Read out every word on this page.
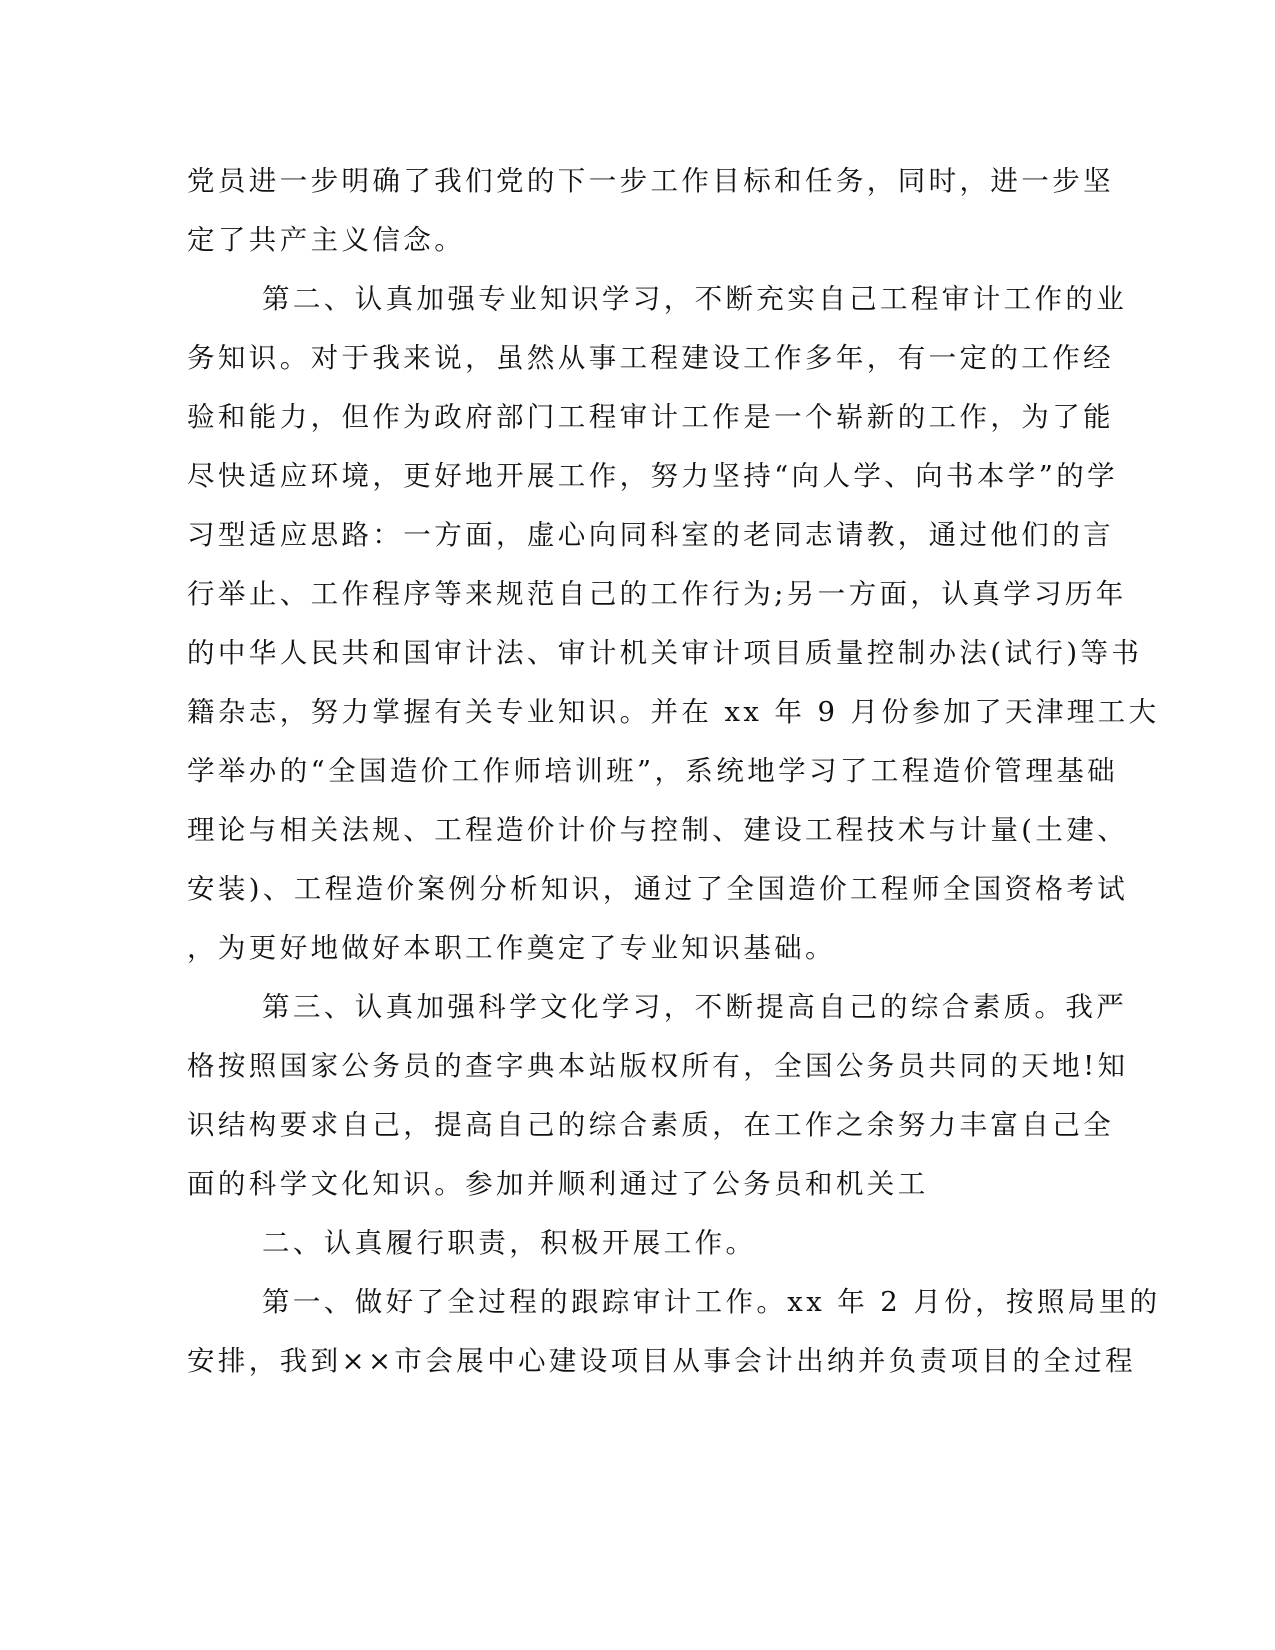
党员进一步明确了我们党的下一步工作目标和任务，同时，进一步坚
定了共产主义信念。
第二、认真加强专业知识学习，不断充实自己工程审计工作的业
务知识。对于我来说，虽然从事工程建设工作多年，有一定的工作经
验和能力，但作为政府部门工程审计工作是一个崭新的工作，为了能
尽快适应环境，更好地开展工作，努力坚持“向人学、向书本学”的学
习型适应思路：一方面，虚心向同科室的老同志请教，通过他们的言
行举止、工作程序等来规范自己的工作行为;另一方面，认真学习历年
的中华人民共和国审计法、审计机关审计项目质量控制办法(试行)等书
籍杂志，努力掌握有关专业知识。并在 xx 年 9 月份参加了天津理工大
学举办的“全国造价工作师培训班”，系统地学习了工程造价管理基础
理论与相关法规、工程造价计价与控制、建设工程技术与计量(土建、
安装)、工程造价案例分析知识，通过了全国造价工程师全国资格考试
，为更好地做好本职工作奠定了专业知识基础。
第三、认真加强科学文化学习，不断提高自己的综合素质。我严
格按照国家公务员的查字典本站版权所有，全国公务员共同的天地!知
识结构要求自己，提高自己的综合素质，在工作之余努力丰富自己全
面的科学文化知识。参加并顺利通过了公务员和机关工
二、认真履行职责，积极开展工作。
第一、做好了全过程的跟踪审计工作。xx 年 2 月份，按照局里的
安排，我到××市会展中心建设项目从事会计出纳并负责项目的全过程
